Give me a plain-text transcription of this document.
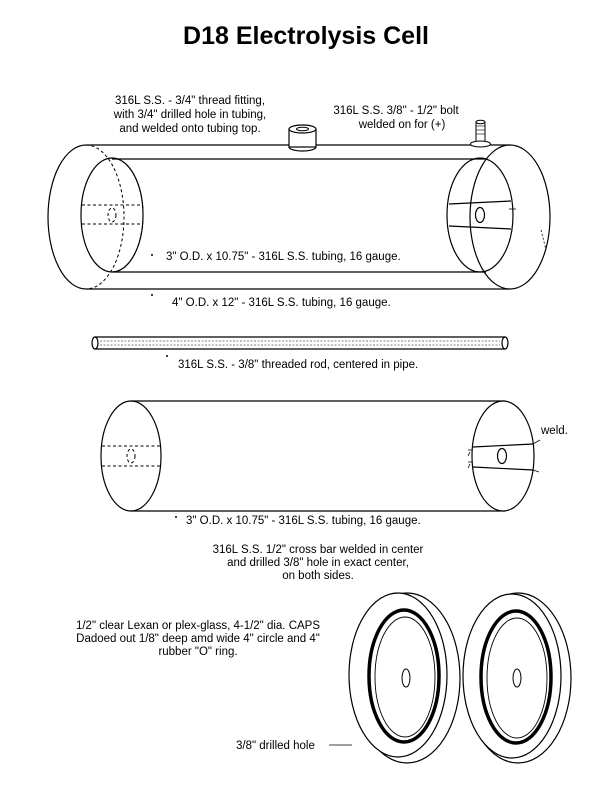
D18 Electrolysis Cell
316L S.S. - 3/4" thread fitting,
with 3/4" drilled hole in tubing,
and welded onto tubing top.
316L S.S. 3/8" - 1/2" bolt
welded on for (+)
3" O.D. x 10.75" - 316L S.S. tubing, 16 gauge.
4" O.D. x 12" - 316L S.S. tubing, 16 gauge.
316L S.S. - 3/8" threaded rod, centered in pipe.
weld.
3" O.D. x 10.75" - 316L S.S. tubing, 16 gauge.
316L S.S. 1/2" cross bar welded in center
and drilled 3/8" hole in exact center,
on both sides.
1/2" clear Lexan or plex-glass, 4-1/2" dia. CAPS
Dadoed out 1/8" deep amd wide 4" circle and 4"
rubber "O" ring.
3/8" drilled hole
